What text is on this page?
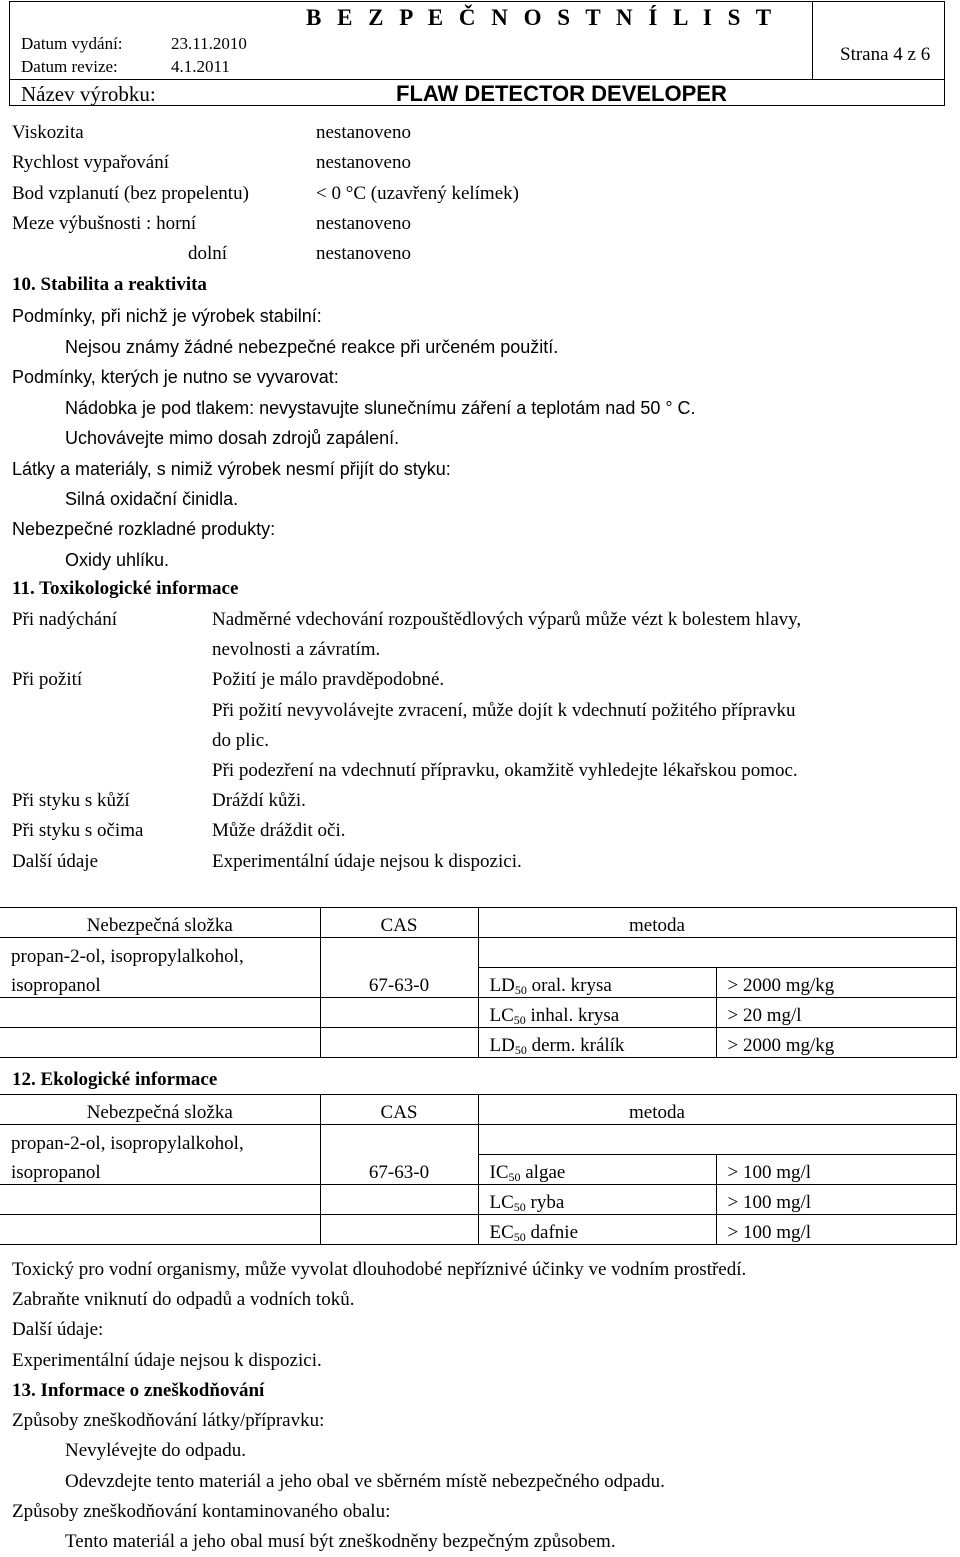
B E Z P E Č N O S T N Í L I S T
Datum vydání:	23.11.2010
Datum revize:	4.1.2011
Strana 4 z 6
Název výrobku:	FLAW DETECTOR DEVELOPER
Viskozita	nestanoveno
Rychlost vypařování	nestanoveno
Bod vzplanutí (bez propelentu)	< 0 °C (uzavřený kelímek)
Meze výbušnosti : horní	nestanoveno
dolní	nestanoveno
10. Stabilita a reaktivita
Podmínky, při nichž je výrobek stabilní:
Nejsou známy žádné nebezpečné reakce při určeném použití.
Podmínky, kterých je nutno se vyvarovat:
Nádobka je pod tlakem: nevystavujte slunečnímu záření a teplotám nad 50 ° C.
Uchovávejte mimo dosah zdrojů zapálení.
Látky a materiály, s nimiž výrobek nesmí přijít do styku:
Silná oxidační činidla.
Nebezpečné rozkladné produkty:
Oxidy uhlíku.
11. Toxikologické informace
Při nadýchání	Nadměrné vdechování rozpouštědlových výparů může vézt k bolestem hlavy,
nevolnosti a závratím.
Při požití	Požití je málo pravděpodobné.
Při požití nevyvolávejte zvracení, může dojít k vdechnutí požitého přípravku
do plic.
Při podezření na vdechnutí přípravku, okamžitě vyhledejte lékařskou pomoc.
Při styku s kůží	Dráždí kůži.
Při styku s očima	Může dráždit oči.
Další údaje	Experimentální údaje nejsou k dispozici.
Nebezpečná složka	CAS	metoda	
propan-2-ol, isopropylalkohol,			
isopropanol	67-63-0	$LD_{50}$ oral. krysa	> 2000 mg/kg
		$LC_{50}$ inhal. krysa	> 20 mg/l
		$LD_{50}$ derm. králík	> 2000 mg/kg
12. Ekologické informace
Nebezpečná složka	CAS	metoda	
propan-2-ol, isopropylalkohol,			
isopropanol	67-63-0	$IC_{50}$ algae	> 100 mg/l
		$LC_{50}$ ryba	> 100 mg/l
		$EC_{50}$ dafnie	> 100 mg/l
Toxický pro vodní organismy, může vyvolat dlouhodobé nepříznivé účinky ve vodním prostředí.
Zabraňte vniknutí do odpadů a vodních toků.
Další údaje:
Experimentální údaje nejsou k dispozici.
13. Informace o zneškodňování
Způsoby zneškodňování látky/přípravku:
Nevylévejte do odpadu.
Odevzdejte tento materiál a jeho obal ve sběrném místě nebezpečného odpadu.
Způsoby zneškodňování kontaminovaného obalu:
Tento materiál a jeho obal musí být zneškodněny bezpečným způsobem.
